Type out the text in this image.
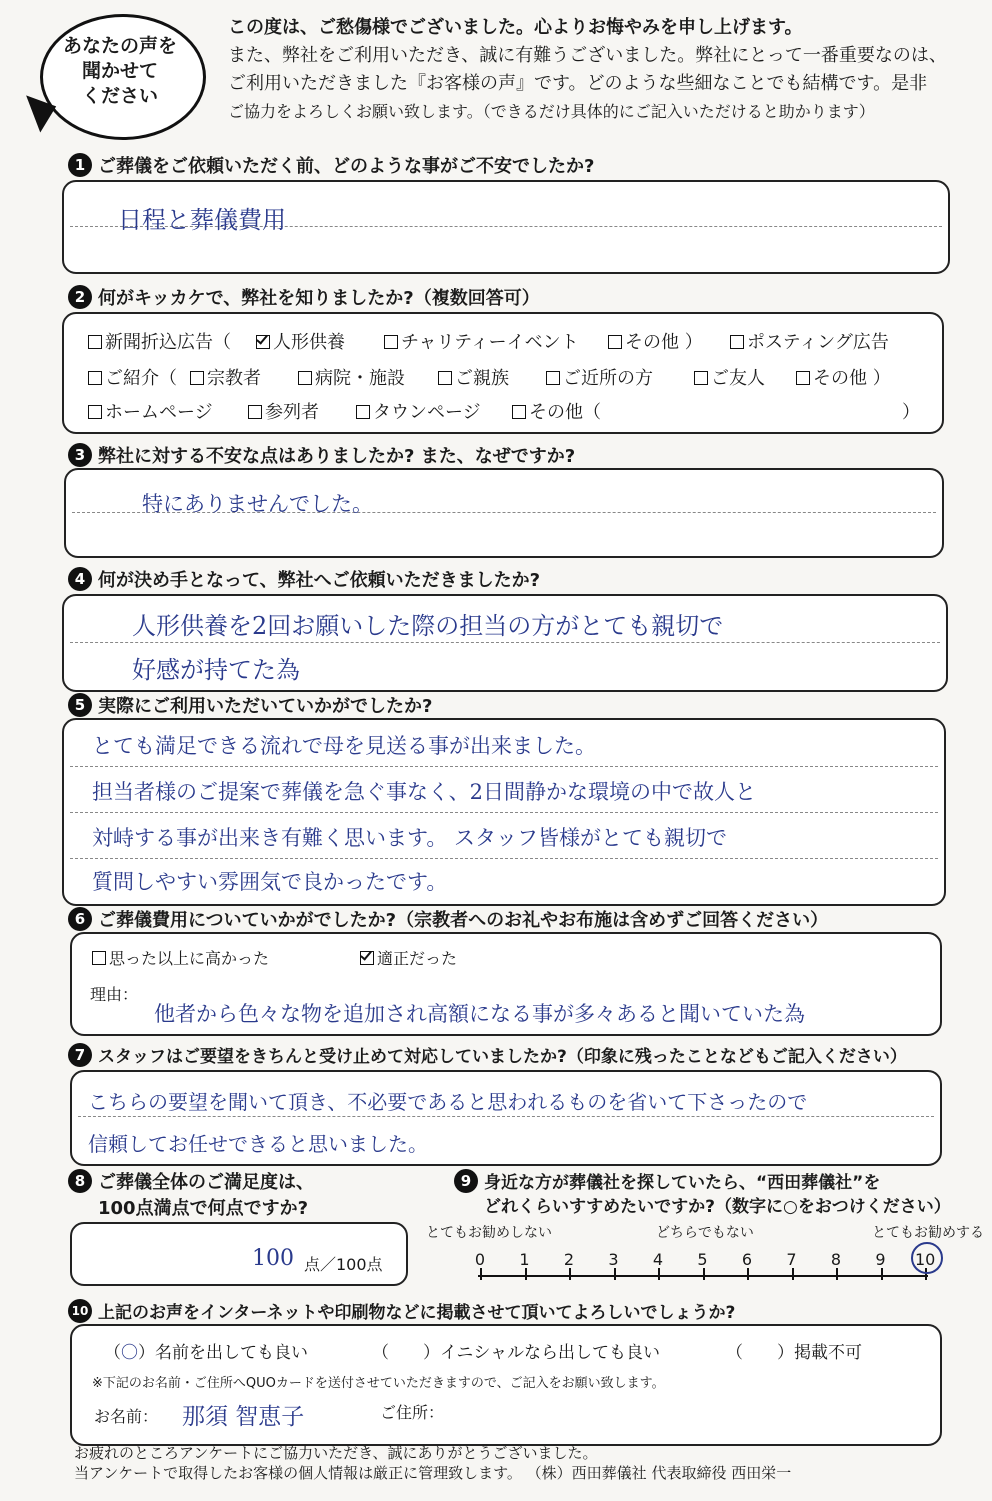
あなたの声を
聞かせて
ください
この度は、ご愁傷様でございました。心よりお悔やみを申し上げます。
また、弊社をご利用いただき、誠に有難うございました。弊社にとって一番重要なのは、
ご利用いただきました『お客様の声』です。どのような些細なことでも結構です。是非
ご協力をよろしくお願い致します。（できるだけ具体的にご記入いただけると助かります）
1 ご葬儀をご依頼いただく前、どのような事がご不安でしたか?
日程と葬儀費用
2 何がキッカケで、弊社を知りましたか?（複数回答可）
新聞折込広告（	人形供養	チャリティーイベント	その他 ）	ポスティング広告
ご紹介（	宗教者	病院・施設	ご親族	ご近所の方	ご友人	その他 ）
ホームページ	参列者	タウンページ	その他（	）
3 弊社に対する不安な点はありましたか? また、なぜですか?
特にありませんでした。
4 何が決め手となって、弊社へご依頼いただきましたか?
人形供養を2回お願いした際の担当の方がとても親切で
好感が持てた為
5 実際にご利用いただいていかがでしたか?
とても満足できる流れで母を見送る事が出来ました。
担当者様のご提案で葬儀を急ぐ事なく、2日間静かな環境の中で故人と
対峙する事が出来き有難く思います。 スタッフ皆様がとても親切で
質問しやすい雰囲気で良かったです。
6 ご葬儀費用についていかがでしたか?（宗教者へのお礼やお布施は含めずご回答ください）
思った以上に高かった	適正だった
理由：
他者から色々な物を追加され高額になる事が多々あると聞いていた為
7 スタッフはご要望をきちんと受け止めて対応していましたか?（印象に残ったことなどもご記入ください）
こちらの要望を聞いて頂き、不必要であると思われるものを省いて下さったので
信頼してお任せできると思いました。
8 ご葬儀全体のご満足度は、
100点満点で何点ですか?
100 点／100点
9 身近な方が葬儀社を探していたら、“西田葬儀社”を
どれくらいすすめたいですか?（数字に○をおつけください）
とてもお勧めしない	どちらでもない	とてもお勧めする
0	1	2	3	4	5	6	7	8	9	10
10 上記のお声をインターネットや印刷物などに掲載させて頂いてよろしいでしょうか?
（〇）名前を出しても良い	（　　）イニシャルなら出しても良い	（　　）掲載不可
※下記のお名前・ご住所へQUOカードを送付させていただきますので、ご記入をお願い致します。
お名前： 那須 智恵子	ご住所：
お疲れのところアンケートにご協力いただき、誠にありがとうございました。
当アンケートで取得したお客様の個人情報は厳正に管理致します。 （株）西田葬儀社 代表取締役 西田栄一
